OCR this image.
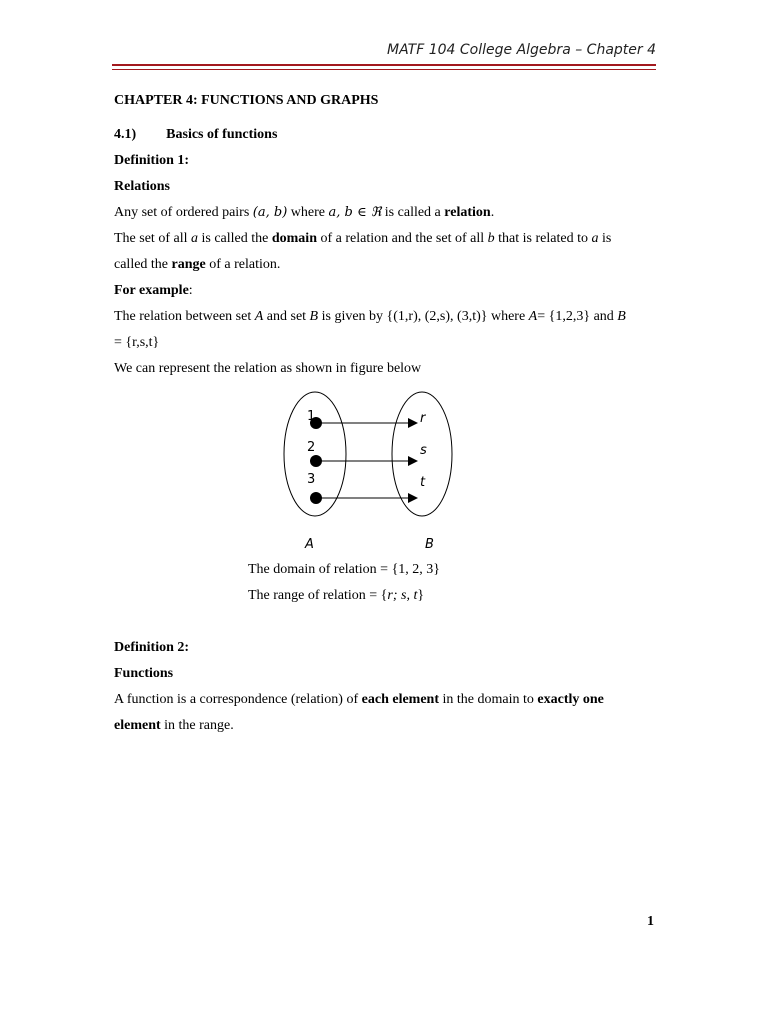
MATF 104 College Algebra – Chapter 4

CHAPTER 4: FUNCTIONS AND GRAPHS

4.1) Basics of functions

Definition 1:

Relations

Any set of ordered pairs (a, b) where a, b ∈ ℜ is called a relation.

The set of all a is called the domain of a relation and the set of all b that is related to a is
called the range of a relation.

For example:

The relation between set A and set B is given by {(1,r), (2,s), (3,t)} where A= {1,2,3} and B
= {r,s,t}

We can represent the relation as shown in figure below

1
2
3
r
s
t
A	B
The domain of relation = {1, 2, 3}
The range of relation = {r; s, t}

Definition 2:

Functions

A function is a correspondence (relation) of each element in the domain to exactly one
element in the range.

1
